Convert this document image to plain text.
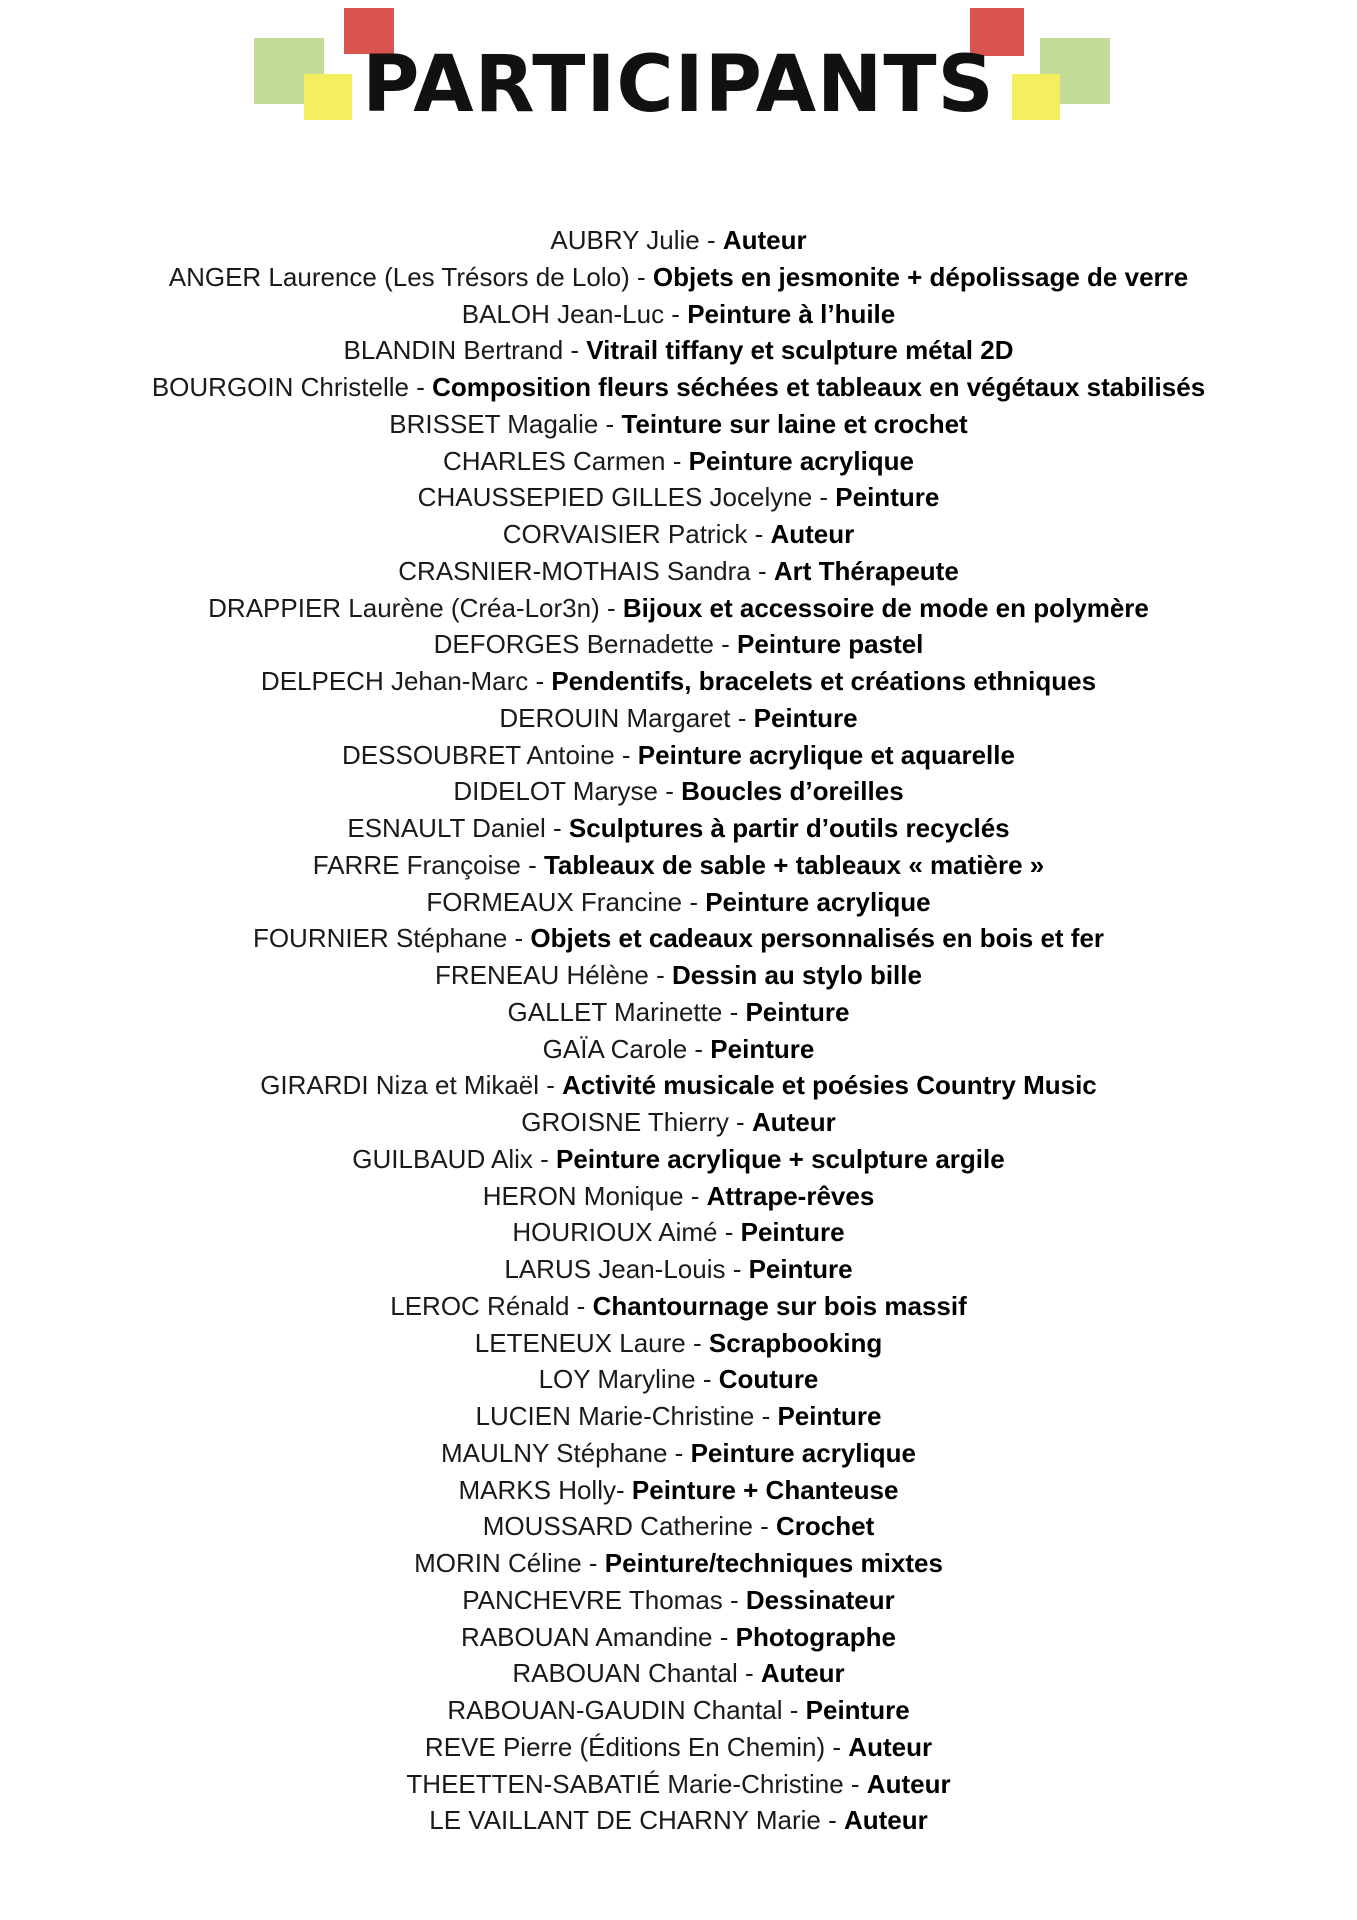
PARTICIPANTS
AUBRY Julie - Auteur
ANGER Laurence (Les Trésors de Lolo) - Objets en jesmonite + dépolissage de verre
BALOH Jean-Luc - Peinture à l’huile
BLANDIN Bertrand - Vitrail tiffany et sculpture métal 2D
BOURGOIN Christelle - Composition fleurs séchées et tableaux en végétaux stabilisés
BRISSET Magalie - Teinture sur laine et crochet
CHARLES Carmen - Peinture acrylique
CHAUSSEPIED GILLES Jocelyne - Peinture
CORVAISIER Patrick - Auteur
CRASNIER-MOTHAIS Sandra - Art Thérapeute
DRAPPIER Laurène (Créa-Lor3n) - Bijoux et accessoire de mode en polymère
DEFORGES Bernadette - Peinture pastel
DELPECH Jehan-Marc - Pendentifs, bracelets et créations ethniques
DEROUIN Margaret - Peinture
DESSOUBRET Antoine - Peinture acrylique et aquarelle
DIDELOT Maryse - Boucles d’oreilles
ESNAULT Daniel - Sculptures à partir d’outils recyclés
FARRE Françoise - Tableaux de sable + tableaux « matière »
FORMEAUX Francine - Peinture acrylique
FOURNIER Stéphane - Objets et cadeaux personnalisés en bois et fer
FRENEAU Hélène - Dessin au stylo bille
GALLET Marinette - Peinture
GAÏA Carole - Peinture
GIRARDI Niza et Mikaël - Activité musicale et poésies Country Music
GROISNE Thierry - Auteur
GUILBAUD Alix - Peinture acrylique + sculpture argile
HERON Monique - Attrape-rêves
HOURIOUX Aimé - Peinture
LARUS Jean-Louis - Peinture
LEROC Rénald - Chantournage sur bois massif
LETENEUX Laure - Scrapbooking
LOY Maryline - Couture
LUCIEN Marie-Christine - Peinture
MAULNY Stéphane - Peinture acrylique
MARKS Holly- Peinture + Chanteuse
MOUSSARD Catherine - Crochet
MORIN Céline - Peinture/techniques mixtes
PANCHEVRE Thomas - Dessinateur
RABOUAN Amandine - Photographe
RABOUAN Chantal - Auteur
RABOUAN-GAUDIN Chantal - Peinture
REVE Pierre (Éditions En Chemin) - Auteur
THEETTEN-SABATIÉ Marie-Christine - Auteur
LE VAILLANT DE CHARNY Marie - Auteur
